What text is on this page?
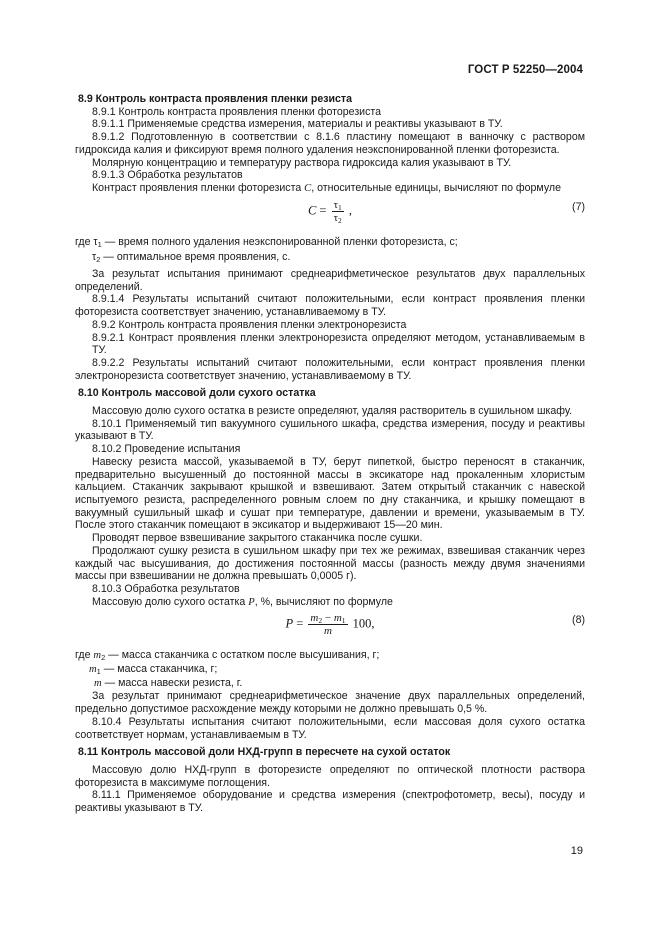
ГОСТ Р 52250—2004

8.9 Контроль контраста проявления пленки резиста

8.9.1 Контроль контраста проявления пленки фоторезиста

8.9.1.1 Применяемые средства измерения, материалы и реактивы указывают в ТУ.

8.9.1.2 Подготовленную в соответствии с 8.1.6 пластину помещают в ванночку с раствором гидроксида калия и фиксируют время полного удаления неэкспонированной пленки фоторезиста.

Молярную концентрацию и температуру раствора гидроксида калия указывают в ТУ.

8.9.1.3 Обработка результатов

Контраст проявления пленки фоторезиста C, относительные единицы, вычисляют по формуле

$C = \frac{\tau_1}{\tau_2}$ ,	(7)

где $\tau_1$ — время полного удаления неэкспонированной пленки фоторезиста, с;

$\tau_2$ — оптимальное время проявления, с.

За результат испытания принимают среднеарифметическое результатов двух параллельных определений.

8.9.1.4 Результаты испытаний считают положительными, если контраст проявления пленки фоторезиста соответствует значению, устанавливаемому в ТУ.

8.9.2 Контроль контраста проявления пленки электронорезиста

8.9.2.1 Контраст проявления пленки электронорезиста определяют методом, устанавливаемым в ТУ.

8.9.2.2 Результаты испытаний считают положительными, если контраст проявления пленки электронорезиста соответствует значению, устанавливаемому в ТУ.

8.10 Контроль массовой доли сухого остатка

Массовую долю сухого остатка в резисте определяют, удаляя растворитель в сушильном шкафу.

8.10.1 Применяемый тип вакуумного сушильного шкафа, средства измерения, посуду и реактивы указывают в ТУ.

8.10.2 Проведение испытания

Навеску резиста массой, указываемой в ТУ, берут пипеткой, быстро переносят в стаканчик, предварительно высушенный до постоянной массы в эксикаторе над прокаленным хлористым кальцием. Стаканчик закрывают крышкой и взвешивают. Затем открытый стаканчик с навеской испытуемого резиста, распределенного ровным слоем по дну стаканчика, и крышку помещают в вакуумный сушильный шкаф и сушат при температуре, давлении и времени, указываемым в ТУ. После этого стаканчик помещают в эксикатор и выдерживают 15—20 мин.

Проводят первое взвешивание закрытого стаканчика после сушки.

Продолжают сушку резиста в сушильном шкафу при тех же режимах, взвешивая стаканчик через каждый час высушивания, до достижения постоянной массы (разность между двумя значениями массы при взвешивании не должна превышать 0,0005 г).

8.10.3 Обработка результатов

Массовую долю сухого остатка P, %, вычисляют по формуле

$P = \frac{m_2 - m_1}{m} 100$,	(8)

где $m_2$ — масса стаканчика с остатком после высушивания, г;

$m_1$ — масса стаканчика, г;

m — масса навески резиста, г.

За результат принимают среднеарифметическое значение двух параллельных определений, предельно допустимое расхождение между которыми не должно превышать 0,5 %.

8.10.4 Результаты испытания считают положительными, если массовая доля сухого остатка соответствует нормам, устанавливаемым в ТУ.

8.11 Контроль массовой доли НХД-групп в пересчете на сухой остаток

Массовую долю НХД-групп в фоторезисте определяют по оптической плотности раствора фоторезиста в максимуме поглощения.

8.11.1 Применяемое оборудование и средства измерения (спектрофотометр, весы), посуду и реактивы указывают в ТУ.

19
